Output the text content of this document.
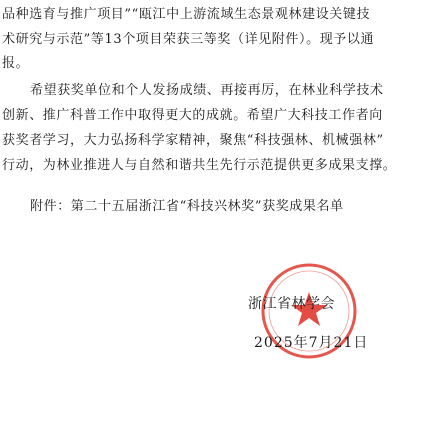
品种选育与推广项目”“瓯江中上游流域生态景观林建设关键技
术研究与示范”等13个项目荣获三等奖（详见附件）。现予以通
报。
希望获奖单位和个人发扬成绩、再接再厉，在林业科学技术
创新、推广科普工作中取得更大的成就。希望广大科技工作者向
获奖者学习，大力弘扬科学家精神，聚焦“科技强林、机械强林”
行动，为林业推进人与自然和谐共生先行示范提供更多成果支撑。
附件：第二十五届浙江省“科技兴林奖”获奖成果名单
浙江省林学会
2025年7月21日
